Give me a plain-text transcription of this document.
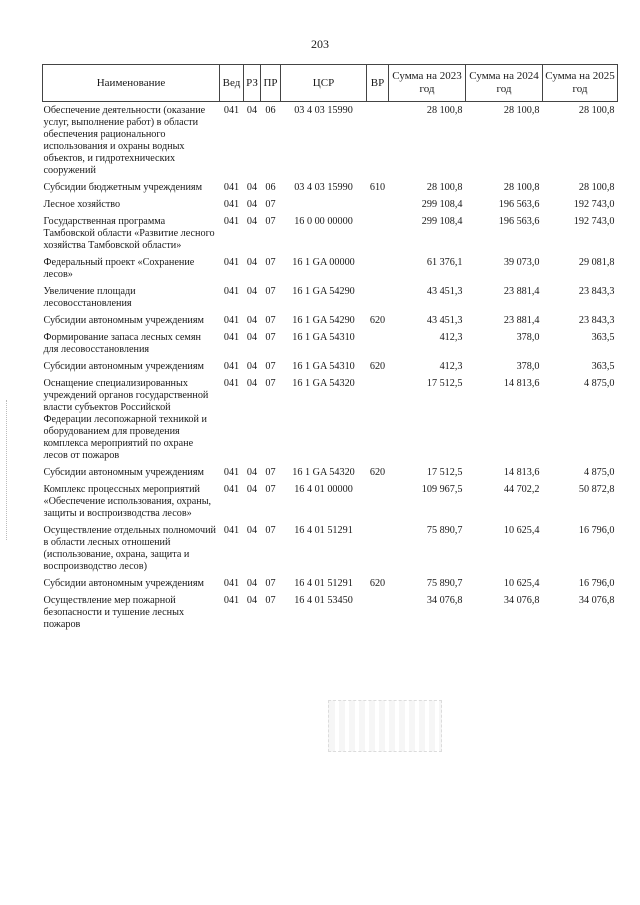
203
Наименование	Вед	РЗ	ПР	ЦСР	ВР	Сумма на 2023 год	Сумма на 2024 год	Сумма на 2025 год
Обеспечение деятельности (оказание услуг, выполнение работ) в области обеспечения рационального использования и охраны водных объектов, и гидротехнических сооружений	041	04	06	03 4 03 15990		28 100,8	28 100,8	28 100,8
Субсидии бюджетным учреждениям	041	04	06	03 4 03 15990	610	28 100,8	28 100,8	28 100,8
Лесное хозяйство	041	04	07			299 108,4	196 563,6	192 743,0
Государственная программа Тамбовской области «Развитие лесного хозяйства Тамбовской области»	041	04	07	16 0 00 00000		299 108,4	196 563,6	192 743,0
Федеральный проект «Сохранение лесов»	041	04	07	16 1 GA 00000		61 376,1	39 073,0	29 081,8
Увеличение площади лесовосстановления	041	04	07	16 1 GA 54290		43 451,3	23 881,4	23 843,3
Субсидии автономным учреждениям	041	04	07	16 1 GA 54290	620	43 451,3	23 881,4	23 843,3
Формирование запаса лесных семян для лесовосстановления	041	04	07	16 1 GA 54310		412,3	378,0	363,5
Субсидии автономным учреждениям	041	04	07	16 1 GA 54310	620	412,3	378,0	363,5
Оснащение специализированных учреждений органов государственной власти субъектов Российской Федерации лесопожарной техникой и оборудованием для проведения комплекса мероприятий по охране лесов от пожаров	041	04	07	16 1 GA 54320		17 512,5	14 813,6	4 875,0
Субсидии автономным учреждениям	041	04	07	16 1 GA 54320	620	17 512,5	14 813,6	4 875,0
Комплекс процессных мероприятий «Обеспечение использования, охраны, защиты и воспроизводства лесов»	041	04	07	16 4 01 00000		109 967,5	44 702,2	50 872,8
Осуществление отдельных полномочий в области лесных отношений (использование, охрана, защита и воспроизводство лесов)	041	04	07	16 4 01 51291		75 890,7	10 625,4	16 796,0
Субсидии автономным учреждениям	041	04	07	16 4 01 51291	620	75 890,7	10 625,4	16 796,0
Осуществление мер пожарной безопасности и тушение лесных пожаров	041	04	07	16 4 01 53450		34 076,8	34 076,8	34 076,8
